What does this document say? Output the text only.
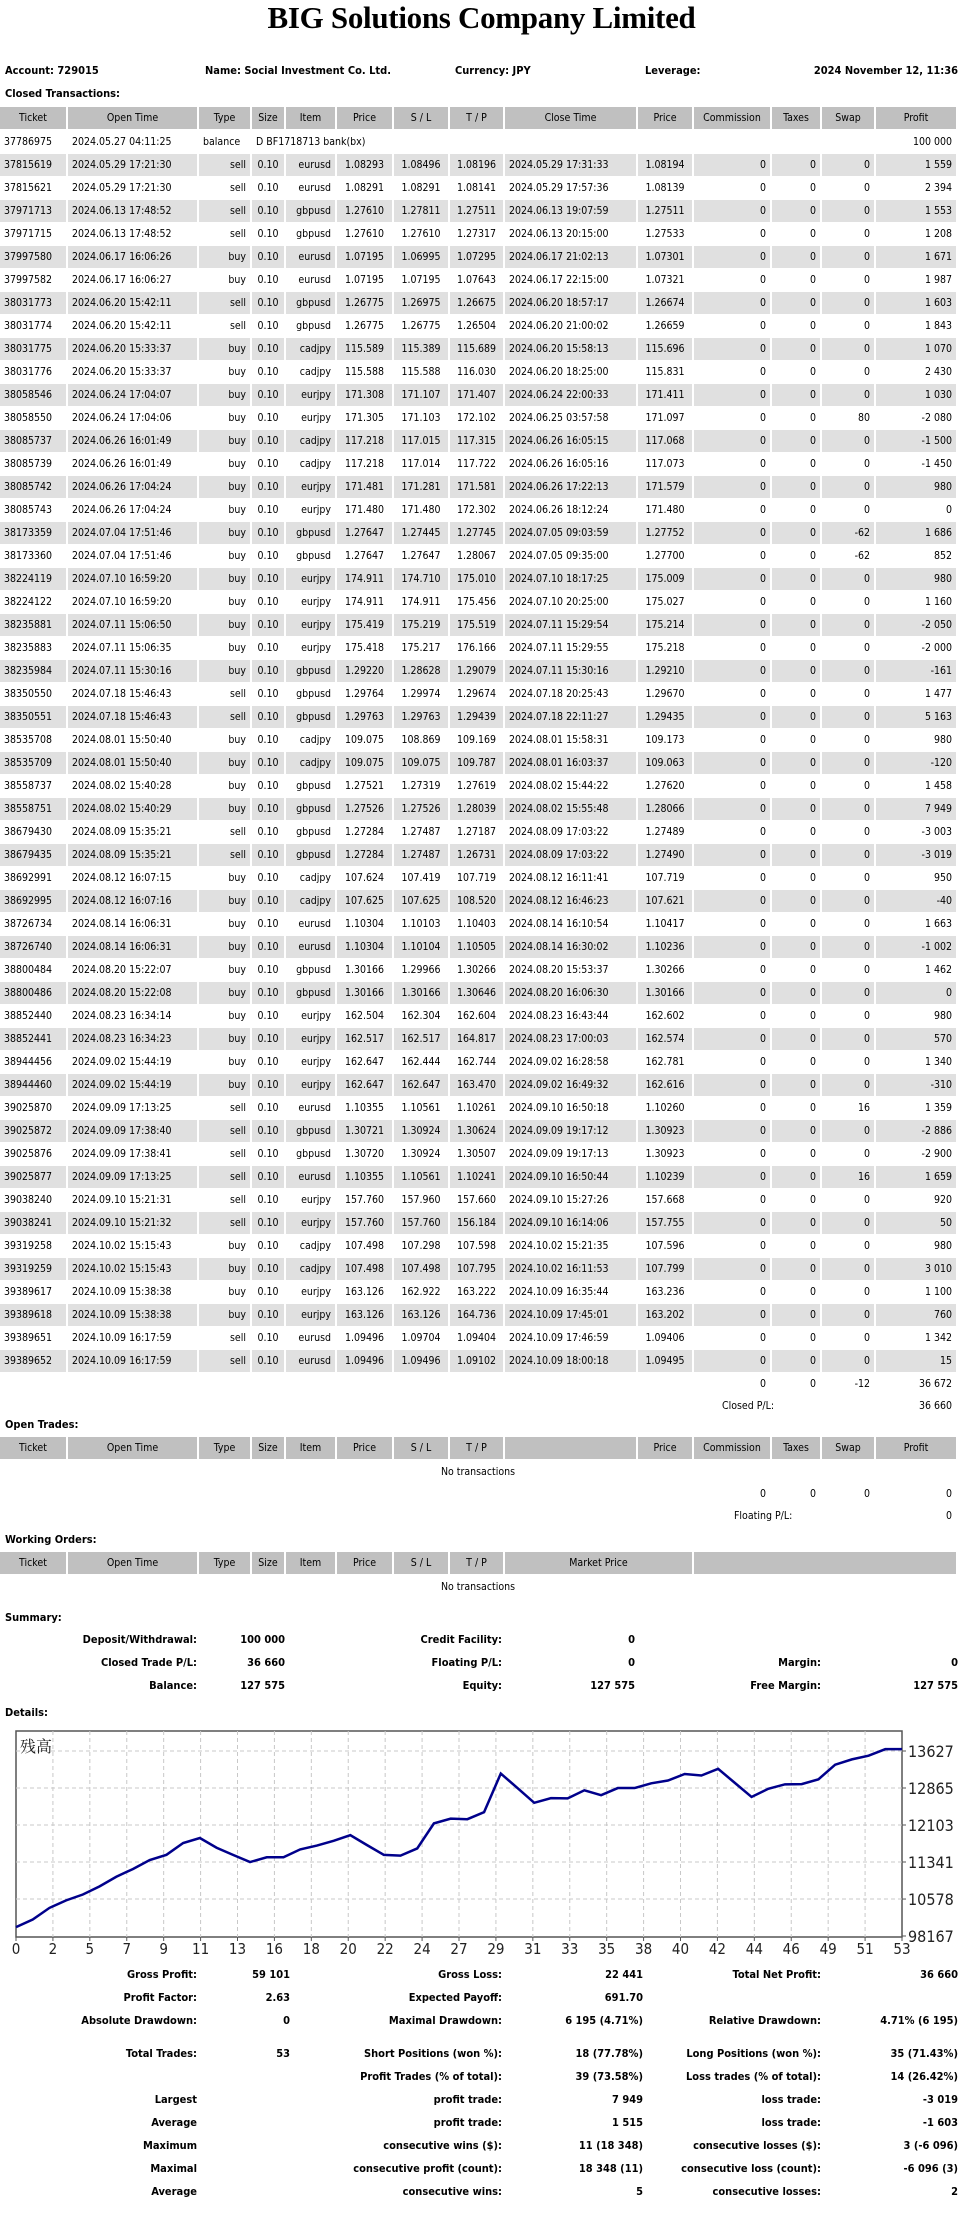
BIG Solutions Company Limited
Account: 729015	Name: Social Investment Co. Ltd.	Currency: JPY	Leverage:	2024 November 12, 11:36
Closed Transactions:
Ticket	Open Time	Type	Size	Item	Price	S / L	T / P	Close Time	Price	Commission	Taxes	Swap	Profit
37786975	2024.05.27 04:11:25	balance	D BF1718713 bank(bx)										100 000
37815619	2024.05.29 17:21:30	sell	0.10	eurusd	1.08293	1.08496	1.08196	2024.05.29 17:31:33	1.08194	0	0	0	1 559
37815621	2024.05.29 17:21:30	sell	0.10	eurusd	1.08291	1.08291	1.08141	2024.05.29 17:57:36	1.08139	0	0	0	2 394
37971713	2024.06.13 17:48:52	sell	0.10	gbpusd	1.27610	1.27811	1.27511	2024.06.13 19:07:59	1.27511	0	0	0	1 553
37971715	2024.06.13 17:48:52	sell	0.10	gbpusd	1.27610	1.27610	1.27317	2024.06.13 20:15:00	1.27533	0	0	0	1 208
37997580	2024.06.17 16:06:26	buy	0.10	eurusd	1.07195	1.06995	1.07295	2024.06.17 21:02:13	1.07301	0	0	0	1 671
37997582	2024.06.17 16:06:27	buy	0.10	eurusd	1.07195	1.07195	1.07643	2024.06.17 22:15:00	1.07321	0	0	0	1 987
38031773	2024.06.20 15:42:11	sell	0.10	gbpusd	1.26775	1.26975	1.26675	2024.06.20 18:57:17	1.26674	0	0	0	1 603
38031774	2024.06.20 15:42:11	sell	0.10	gbpusd	1.26775	1.26775	1.26504	2024.06.20 21:00:02	1.26659	0	0	0	1 843
38031775	2024.06.20 15:33:37	buy	0.10	cadjpy	115.589	115.389	115.689	2024.06.20 15:58:13	115.696	0	0	0	1 070
38031776	2024.06.20 15:33:37	buy	0.10	cadjpy	115.588	115.588	116.030	2024.06.20 18:25:00	115.831	0	0	0	2 430
38058546	2024.06.24 17:04:07	buy	0.10	eurjpy	171.308	171.107	171.407	2024.06.24 22:00:33	171.411	0	0	0	1 030
38058550	2024.06.24 17:04:06	buy	0.10	eurjpy	171.305	171.103	172.102	2024.06.25 03:57:58	171.097	0	0	80	-2 080
38085737	2024.06.26 16:01:49	buy	0.10	cadjpy	117.218	117.015	117.315	2024.06.26 16:05:15	117.068	0	0	0	-1 500
38085739	2024.06.26 16:01:49	buy	0.10	cadjpy	117.218	117.014	117.722	2024.06.26 16:05:16	117.073	0	0	0	-1 450
38085742	2024.06.26 17:04:24	buy	0.10	eurjpy	171.481	171.281	171.581	2024.06.26 17:22:13	171.579	0	0	0	980
38085743	2024.06.26 17:04:24	buy	0.10	eurjpy	171.480	171.480	172.302	2024.06.26 18:12:24	171.480	0	0	0	0
38173359	2024.07.04 17:51:46	buy	0.10	gbpusd	1.27647	1.27445	1.27745	2024.07.05 09:03:59	1.27752	0	0	-62	1 686
38173360	2024.07.04 17:51:46	buy	0.10	gbpusd	1.27647	1.27647	1.28067	2024.07.05 09:35:00	1.27700	0	0	-62	852
38224119	2024.07.10 16:59:20	buy	0.10	eurjpy	174.911	174.710	175.010	2024.07.10 18:17:25	175.009	0	0	0	980
38224122	2024.07.10 16:59:20	buy	0.10	eurjpy	174.911	174.911	175.456	2024.07.10 20:25:00	175.027	0	0	0	1 160
38235881	2024.07.11 15:06:50	buy	0.10	eurjpy	175.419	175.219	175.519	2024.07.11 15:29:54	175.214	0	0	0	-2 050
38235883	2024.07.11 15:06:35	buy	0.10	eurjpy	175.418	175.217	176.166	2024.07.11 15:29:55	175.218	0	0	0	-2 000
38235984	2024.07.11 15:30:16	buy	0.10	gbpusd	1.29220	1.28628	1.29079	2024.07.11 15:30:16	1.29210	0	0	0	-161
38350550	2024.07.18 15:46:43	sell	0.10	gbpusd	1.29764	1.29974	1.29674	2024.07.18 20:25:43	1.29670	0	0	0	1 477
38350551	2024.07.18 15:46:43	sell	0.10	gbpusd	1.29763	1.29763	1.29439	2024.07.18 22:11:27	1.29435	0	0	0	5 163
38535708	2024.08.01 15:50:40	buy	0.10	cadjpy	109.075	108.869	109.169	2024.08.01 15:58:31	109.173	0	0	0	980
38535709	2024.08.01 15:50:40	buy	0.10	cadjpy	109.075	109.075	109.787	2024.08.01 16:03:37	109.063	0	0	0	-120
38558737	2024.08.02 15:40:28	buy	0.10	gbpusd	1.27521	1.27319	1.27619	2024.08.02 15:44:22	1.27620	0	0	0	1 458
38558751	2024.08.02 15:40:29	buy	0.10	gbpusd	1.27526	1.27526	1.28039	2024.08.02 15:55:48	1.28066	0	0	0	7 949
38679430	2024.08.09 15:35:21	sell	0.10	gbpusd	1.27284	1.27487	1.27187	2024.08.09 17:03:22	1.27489	0	0	0	-3 003
38679435	2024.08.09 15:35:21	sell	0.10	gbpusd	1.27284	1.27487	1.26731	2024.08.09 17:03:22	1.27490	0	0	0	-3 019
38692991	2024.08.12 16:07:15	buy	0.10	cadjpy	107.624	107.419	107.719	2024.08.12 16:11:41	107.719	0	0	0	950
38692995	2024.08.12 16:07:16	buy	0.10	cadjpy	107.625	107.625	108.520	2024.08.12 16:46:23	107.621	0	0	0	-40
38726734	2024.08.14 16:06:31	buy	0.10	eurusd	1.10304	1.10103	1.10403	2024.08.14 16:10:54	1.10417	0	0	0	1 663
38726740	2024.08.14 16:06:31	buy	0.10	eurusd	1.10304	1.10104	1.10505	2024.08.14 16:30:02	1.10236	0	0	0	-1 002
38800484	2024.08.20 15:22:07	buy	0.10	gbpusd	1.30166	1.29966	1.30266	2024.08.20 15:53:37	1.30266	0	0	0	1 462
38800486	2024.08.20 15:22:08	buy	0.10	gbpusd	1.30166	1.30166	1.30646	2024.08.20 16:06:30	1.30166	0	0	0	0
38852440	2024.08.23 16:34:14	buy	0.10	eurjpy	162.504	162.304	162.604	2024.08.23 16:43:44	162.602	0	0	0	980
38852441	2024.08.23 16:34:23	buy	0.10	eurjpy	162.517	162.517	164.817	2024.08.23 17:00:03	162.574	0	0	0	570
38944456	2024.09.02 15:44:19	buy	0.10	eurjpy	162.647	162.444	162.744	2024.09.02 16:28:58	162.781	0	0	0	1 340
38944460	2024.09.02 15:44:19	buy	0.10	eurjpy	162.647	162.647	163.470	2024.09.02 16:49:32	162.616	0	0	0	-310
39025870	2024.09.09 17:13:25	sell	0.10	eurusd	1.10355	1.10561	1.10261	2024.09.10 16:50:18	1.10260	0	0	16	1 359
39025872	2024.09.09 17:38:40	sell	0.10	gbpusd	1.30721	1.30924	1.30624	2024.09.09 19:17:12	1.30923	0	0	0	-2 886
39025876	2024.09.09 17:38:41	sell	0.10	gbpusd	1.30720	1.30924	1.30507	2024.09.09 19:17:13	1.30923	0	0	0	-2 900
39025877	2024.09.09 17:13:25	sell	0.10	eurusd	1.10355	1.10561	1.10241	2024.09.10 16:50:44	1.10239	0	0	16	1 659
39038240	2024.09.10 15:21:31	sell	0.10	eurjpy	157.760	157.960	157.660	2024.09.10 15:27:26	157.668	0	0	0	920
39038241	2024.09.10 15:21:32	sell	0.10	eurjpy	157.760	157.760	156.184	2024.09.10 16:14:06	157.755	0	0	0	50
39319258	2024.10.02 15:15:43	buy	0.10	cadjpy	107.498	107.298	107.598	2024.10.02 15:21:35	107.596	0	0	0	980
39319259	2024.10.02 15:15:43	buy	0.10	cadjpy	107.498	107.498	107.795	2024.10.02 16:11:53	107.799	0	0	0	3 010
39389617	2024.10.09 15:38:38	buy	0.10	eurjpy	163.126	162.922	163.222	2024.10.09 16:35:44	163.236	0	0	0	1 100
39389618	2024.10.09 15:38:38	buy	0.10	eurjpy	163.126	163.126	164.736	2024.10.09 17:45:01	163.202	0	0	0	760
39389651	2024.10.09 16:17:59	sell	0.10	eurusd	1.09496	1.09704	1.09404	2024.10.09 17:46:59	1.09406	0	0	0	1 342
39389652	2024.10.09 16:17:59	sell	0.10	eurusd	1.09496	1.09496	1.09102	2024.10.09 18:00:18	1.09495	0	0	0	15
										0	0	-12	36 672
										Closed P/L:			36 660
Open Trades:
Ticket	Open Time	Type	Size	Item	Price	S / L	T / P		Price	Commission	Taxes	Swap	Profit
No transactions													
										0	0	0	0
										Floating P/L:			0
Working Orders:
Ticket	Open Time	Type	Size	Item	Price	S / L	T / P	Market Price	
No transactions
Summary:
Deposit/Withdrawal:	100 000	Credit Facility:	0
Closed Trade P/L:	36 660	Floating P/L:	0	Margin:	0
Balance:	127 575	Equity:	127 575	Free Margin:	127 575
Details:
残高
0 2 5 7 9 11 13 16 18 20 22 24 27 29 31 33 35 38 40 42 44 46 49 51 53
13627
12865
12103
11341
10578
98167
Gross Profit:	59 101	Gross Loss:	22 441	Total Net Profit:	36 660
Profit Factor:	2.63	Expected Payoff:	691.70
Absolute Drawdown:	0	Maximal Drawdown:	6 195 (4.71%)	Relative Drawdown:	4.71% (6 195)
Total Trades:	53	Short Positions (won %):	18 (77.78%)	Long Positions (won %):	35 (71.43%)
Profit Trades (% of total):	39 (73.58%)	Loss trades (% of total):	14 (26.42%)
Largest	profit trade:	7 949	loss trade:	-3 019
Average	profit trade:	1 515	loss trade:	-1 603
Maximum	consecutive wins ($):	11 (18 348)	consecutive losses ($):	3 (-6 096)
Maximal	consecutive profit (count):	18 348 (11)	consecutive loss (count):	-6 096 (3)
Average	consecutive wins:	5	consecutive losses:	2
